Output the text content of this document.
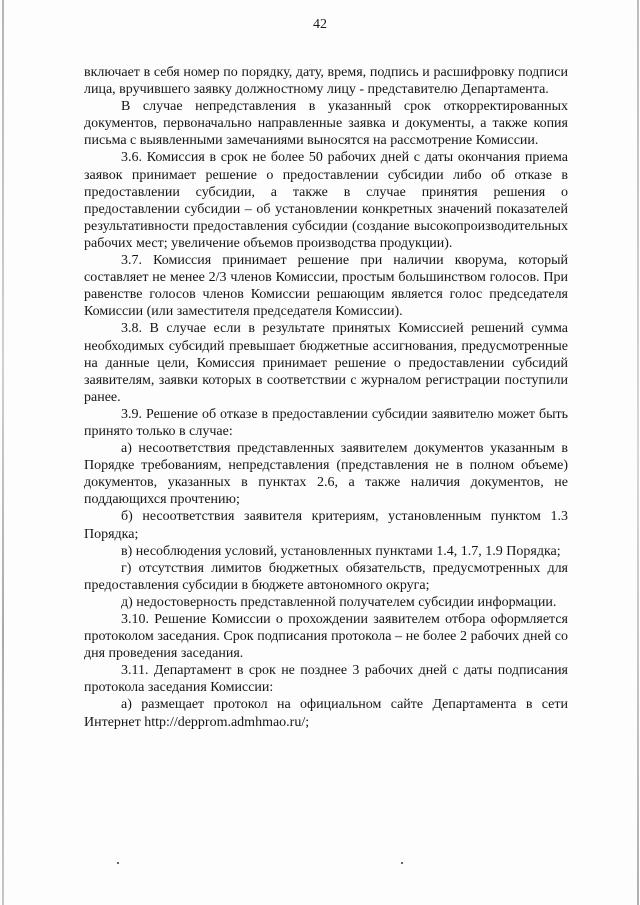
42

включает в себя номер по порядку, дату, время, подпись и расшифровку подписи лица, вручившего заявку должностному лицу - представителю Департамента.

В случае непредставления в указанный срок откорректированных документов, первоначально направленные заявка и документы, а также копия письма с выявленными замечаниями выносятся на рассмотрение Комиссии.

3.6. Комиссия в срок не более 50 рабочих дней с даты окончания приема заявок принимает решение о предоставлении субсидии либо об отказе в предоставлении субсидии, а также в случае принятия решения о предоставлении субсидии – об установлении конкретных значений показателей результативности предоставления субсидии (создание высокопроизводительных рабочих мест; увеличение объемов производства продукции).

3.7. Комиссия принимает решение при наличии кворума, который составляет не менее 2/3 членов Комиссии, простым большинством голосов. При равенстве голосов членов Комиссии решающим является голос председателя Комиссии (или заместителя председателя Комиссии).

3.8. В случае если в результате принятых Комиссией решений сумма необходимых субсидий превышает бюджетные ассигнования, предусмотренные на данные цели, Комиссия принимает решение о предоставлении субсидий заявителям, заявки которых в соответствии с журналом регистрации поступили ранее.

3.9. Решение об отказе в предоставлении субсидии заявителю может быть принято только в случае:

а) несоответствия представленных заявителем документов указанным в Порядке требованиям, непредставления (представления не в полном объеме) документов, указанных в пунктах 2.6, а также наличия документов, не поддающихся прочтению;

б) несоответствия заявителя критериям, установленным пунктом 1.3 Порядка;

в) несоблюдения условий, установленных пунктами 1.4, 1.7, 1.9 Порядка;

г) отсутствия лимитов бюджетных обязательств, предусмотренных для предоставления субсидии в бюджете автономного округа;

д) недостоверность представленной получателем субсидии информации.

3.10. Решение Комиссии о прохождении заявителем отбора оформляется протоколом заседания. Срок подписания протокола – не более 2 рабочих дней со дня проведения заседания.

3.11. Департамент в срок не позднее 3 рабочих дней с даты подписания протокола заседания Комиссии:

а) размещает протокол на официальном сайте Департамента в сети Интернет http://depprom.admhmao.ru/;
